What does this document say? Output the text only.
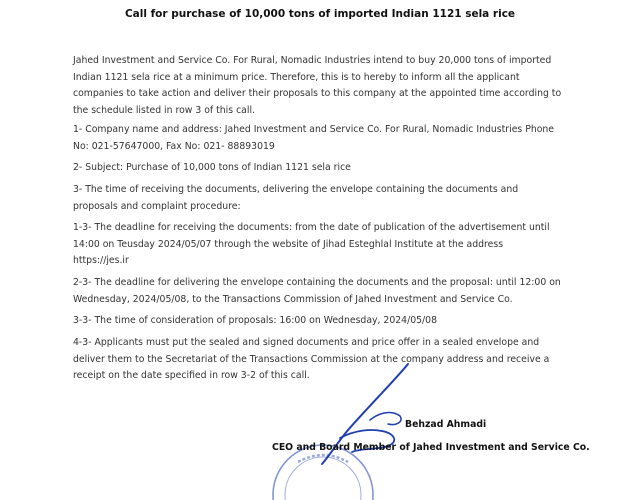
Call for purchase of 10,000 tons of imported Indian 1121 sela rice
Jahed Investment and Service Co. For Rural, Nomadic Industries intend to buy 20,000 tons of imported
Indian 1121 sela rice at a minimum price. Therefore, this is to hereby to inform all the applicant
companies to take action and deliver their proposals to this company at the appointed time according to
the schedule listed in row 3 of this call.
1- Company name and address: Jahed Investment and Service Co. For Rural, Nomadic Industries Phone
No: 021-57647000, Fax No: 021- 88893019
2- Subject: Purchase of 10,000 tons of Indian 1121 sela rice
3- The time of receiving the documents, delivering the envelope containing the documents and
proposals and complaint procedure:
1-3- The deadline for receiving the documents: from the date of publication of the advertisement until
14:00 on Teusday 2024/05/07 through the website of Jihad Esteghlal Institute at the address
https://jes.ir
2-3- The deadline for delivering the envelope containing the documents and the proposal: until 12:00 on
Wednesday, 2024/05/08, to the Transactions Commission of Jahed Investment and Service Co.
3-3- The time of consideration of proposals: 16:00 on Wednesday, 2024/05/08
4-3- Applicants must put the sealed and signed documents and price offer in a sealed envelope and
deliver them to the Secretariat of the Transactions Commission at the company address and receive a
receipt on the date specified in row 3-2 of this call.
Behzad Ahmadi
CEO and Board Member of Jahed Investment and Service Co.
